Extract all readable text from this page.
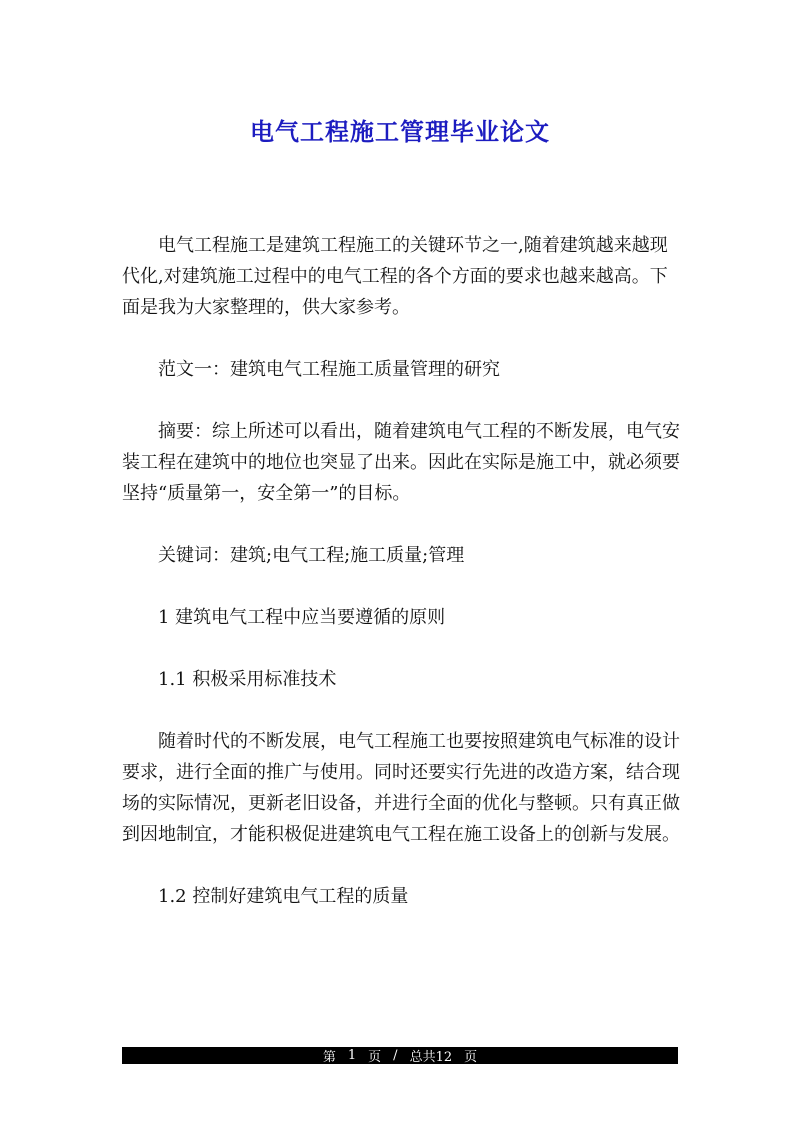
电气工程施工管理毕业论文

电气工程施工是建筑工程施工的关键环节之一,随着建筑越来越现代化,对建筑施工过程中的电气工程的各个方面的要求也越来越高。下面是我为大家整理的，供大家参考。

范文一：建筑电气工程施工质量管理的研究

摘要：综上所述可以看出，随着建筑电气工程的不断发展，电气安装工程在建筑中的地位也突显了出来。因此在实际是施工中，就必须要坚持“质量第一，安全第一”的目标。

关键词：建筑;电气工程;施工质量;管理

1 建筑电气工程中应当要遵循的原则

1.1 积极采用标准技术

随着时代的不断发展，电气工程施工也要按照建筑电气标准的设计要求，进行全面的推广与使用。同时还要实行先进的改造方案，结合现场的实际情况，更新老旧设备，并进行全面的优化与整顿。只有真正做到因地制宜，才能积极促进建筑电气工程在施工设备上的创新与发展。

1.2 控制好建筑电气工程的质量

第 1 页 / 总共12 页
